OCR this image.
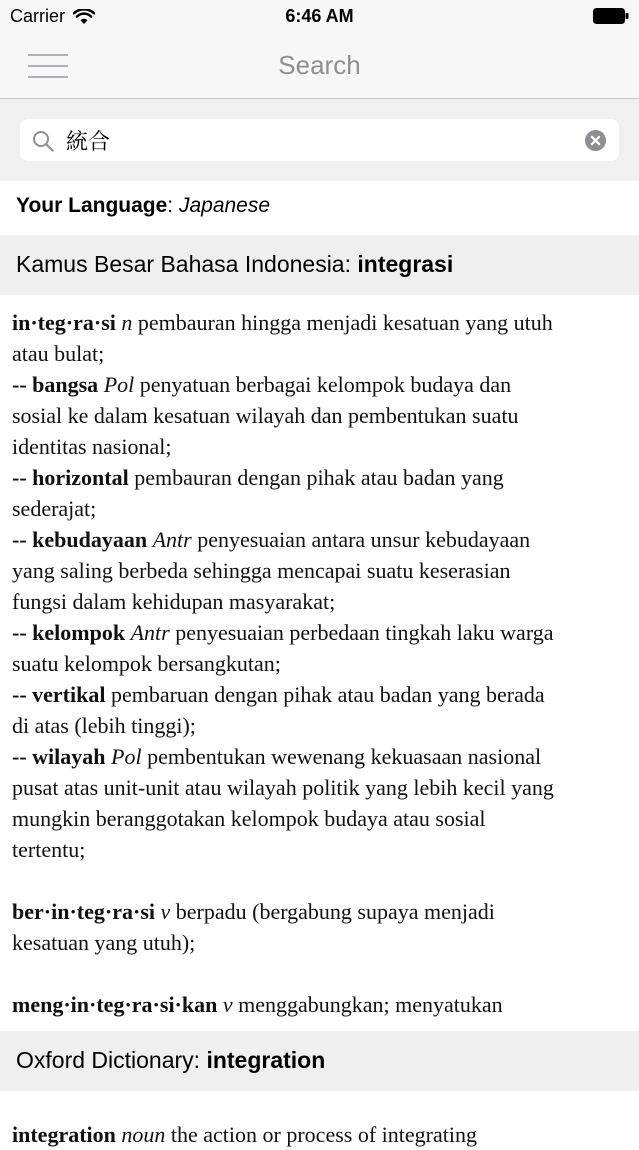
Carrier	6:46 AM
Search
統合
Your Language: Japanese
Kamus Besar Bahasa Indonesia: integrasi
in·teg·ra·si n pembauran hingga menjadi kesatuan yang utuh
atau bulat;
-- bangsa Pol penyatuan berbagai kelompok budaya dan
sosial ke dalam kesatuan wilayah dan pembentukan suatu
identitas nasional;
-- horizontal pembauran dengan pihak atau badan yang
sederajat;
-- kebudayaan Antr penyesuaian antara unsur kebudayaan
yang saling berbeda sehingga mencapai suatu keserasian
fungsi dalam kehidupan masyarakat;
-- kelompok Antr penyesuaian perbedaan tingkah laku warga
suatu kelompok bersangkutan;
-- vertikal pembaruan dengan pihak atau badan yang berada
di atas (lebih tinggi);
-- wilayah Pol pembentukan wewenang kekuasaan nasional
pusat atas unit-unit atau wilayah politik yang lebih kecil yang
mungkin beranggotakan kelompok budaya atau sosial
tertentu;
ber·in·teg·ra·si v berpadu (bergabung supaya menjadi
kesatuan yang utuh);
meng·in·teg·ra·si·kan v menggabungkan; menyatukan
Oxford Dictionary: integration
integration noun the action or process of integrating
